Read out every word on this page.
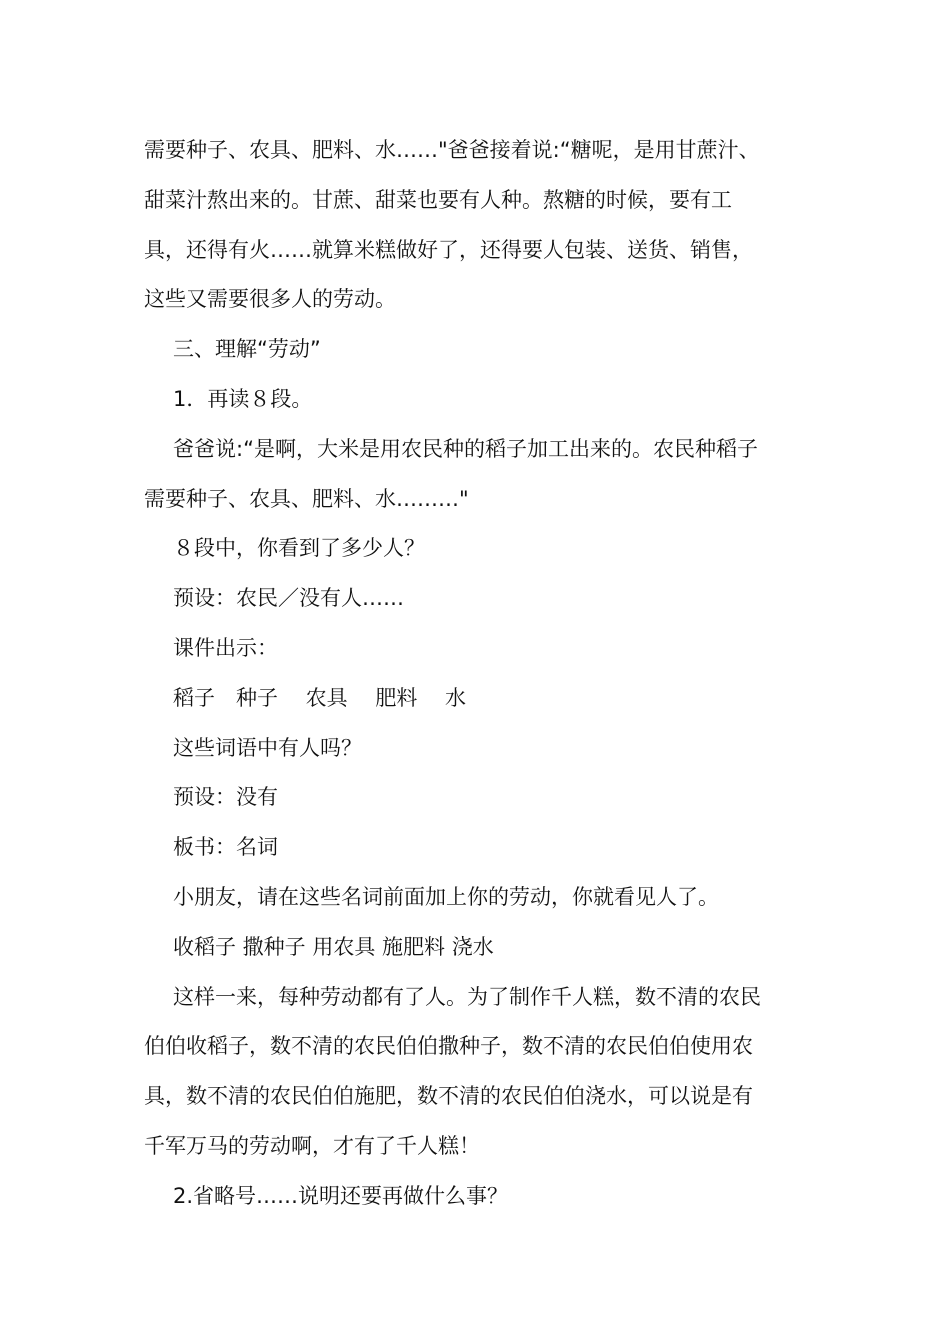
需要种子、农具、肥料、水……"爸爸接着说:“糖呢，是用甘蔗汁、
甜菜汁熬出来的。甘蔗、甜菜也要有人种。熬糖的时候，要有工
具，还得有火……就算米糕做好了，还得要人包装、送货、销售，
这些又需要很多人的劳动。
三、理解“劳动”
1．再读８段。
爸爸说:“是啊，大米是用农民种的稻子加工出来的。农民种稻子
需要种子、农具、肥料、水………"
８段中，你看到了多少人？
预设：农民／没有人……
课件出示：
稻子　种子　 农具　 肥料　 水
这些词语中有人吗？
预设：没有
板书：名词
小朋友，请在这些名词前面加上你的劳动，你就看见人了。
收稻子 撒种子 用农具 施肥料 浇水
这样一来，每种劳动都有了人。为了制作千人糕，数不清的农民
伯伯收稻子，数不清的农民伯伯撒种子，数不清的农民伯伯使用农
具，数不清的农民伯伯施肥，数不清的农民伯伯浇水，可以说是有
千军万马的劳动啊，才有了千人糕！
2.省略号……说明还要再做什么事？
